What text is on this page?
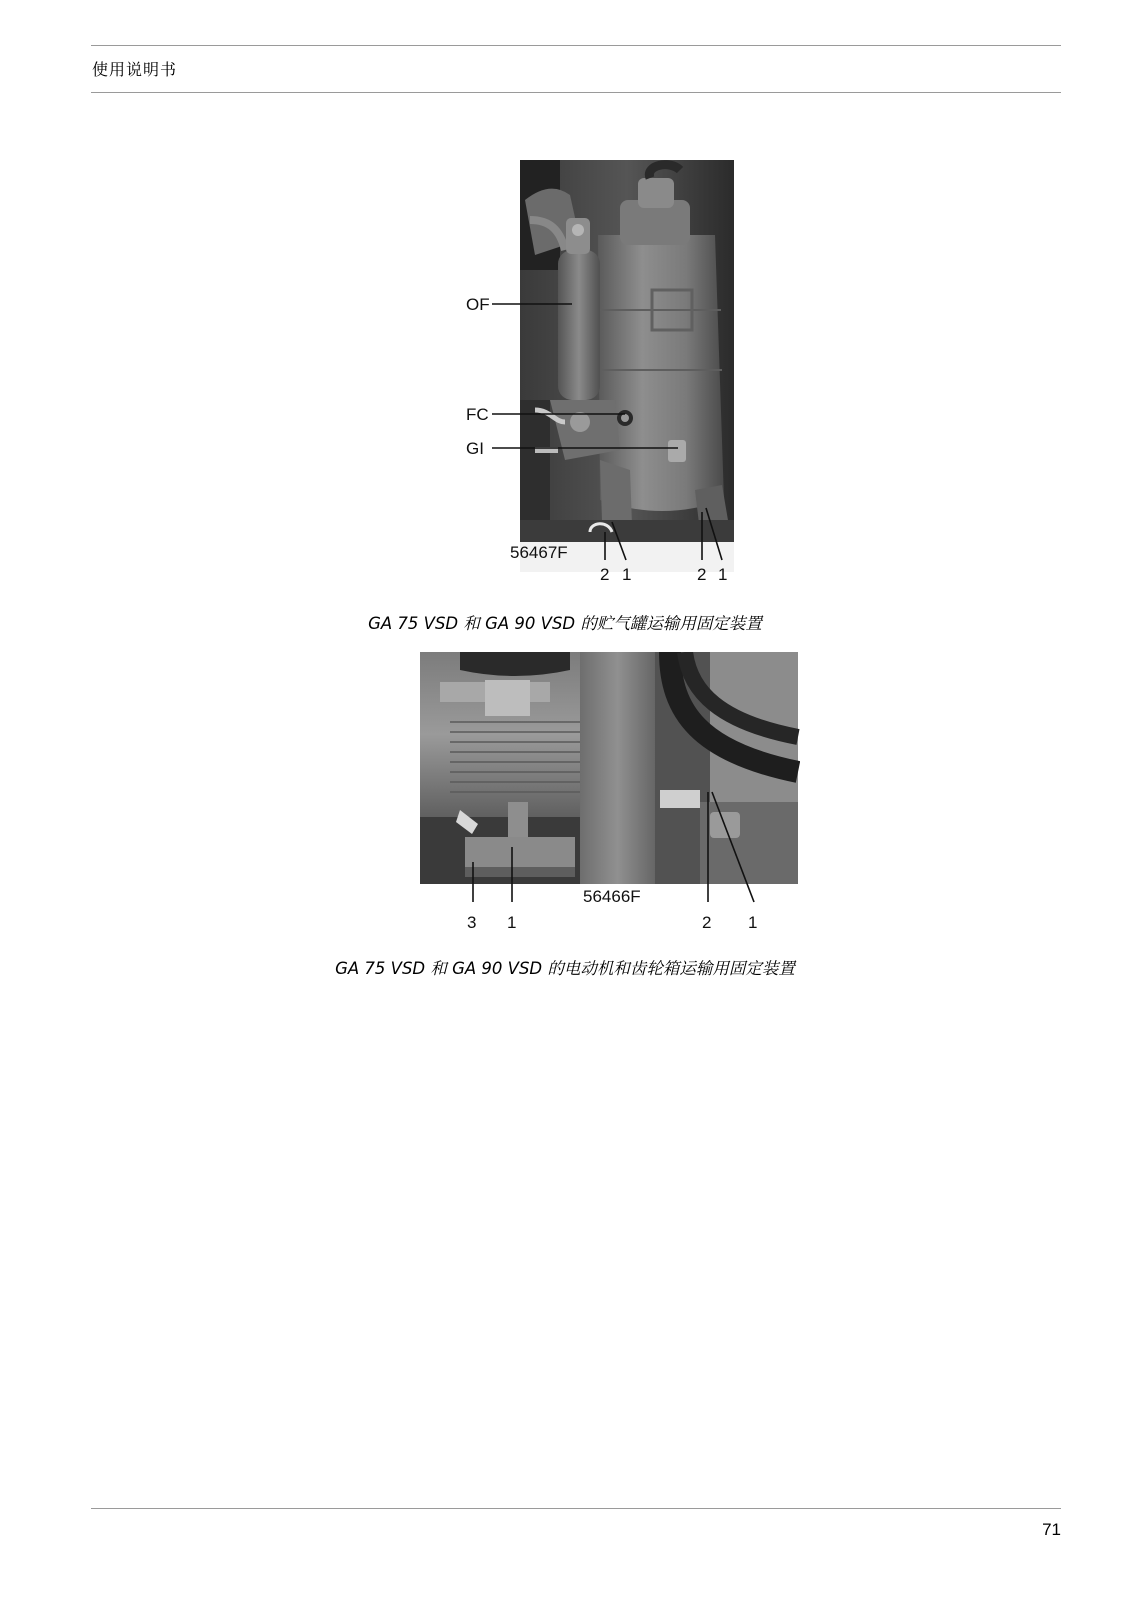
使用说明书
OF
FC
GI
56467F
2 1	2 1
GA 75 VSD 和 GA 90 VSD 的贮气罐运输用固定装置
56466F
3 1	2 1
GA 75 VSD 和 GA 90 VSD 的电动机和齿轮箱运输用固定装置
71
